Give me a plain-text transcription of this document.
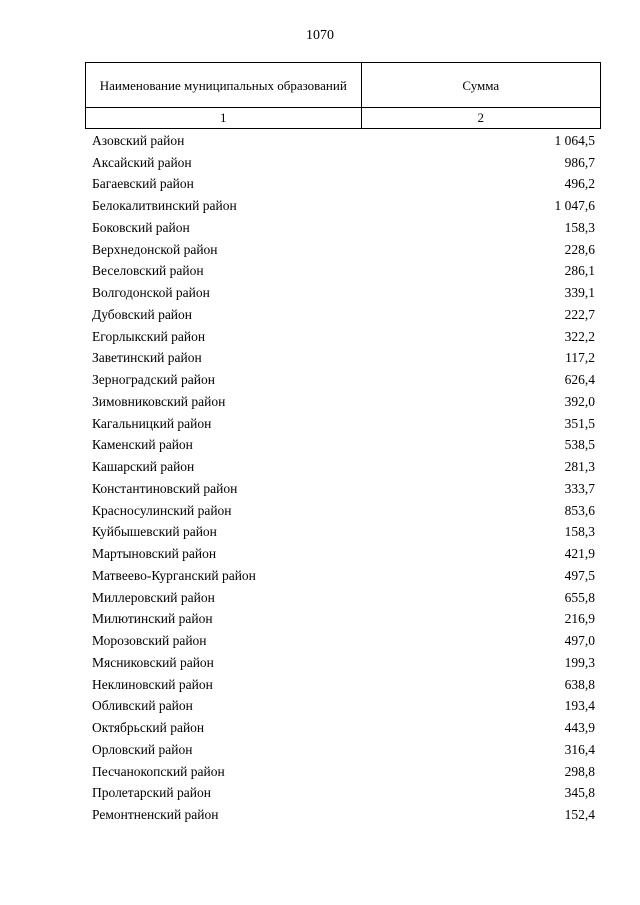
1070
Наименование муниципальных образований	Сумма
1	2
Азовский район	1 064,5
Аксайский район	986,7
Багаевский район	496,2
Белокалитвинский район	1 047,6
Боковский район	158,3
Верхнедонской район	228,6
Веселовский район	286,1
Волгодонской район	339,1
Дубовский район	222,7
Егорлыкский район	322,2
Заветинский район	117,2
Зерноградский район	626,4
Зимовниковский район	392,0
Кагальницкий район	351,5
Каменский район	538,5
Кашарский район	281,3
Константиновский район	333,7
Красносулинский район	853,6
Куйбышевский район	158,3
Мартыновский район	421,9
Матвеево-Курганский район	497,5
Миллеровский район	655,8
Милютинский район	216,9
Морозовский район	497,0
Мясниковский район	199,3
Неклиновский район	638,8
Обливский район	193,4
Октябрьский район	443,9
Орловский район	316,4
Песчанокопский район	298,8
Пролетарский район	345,8
Ремонтненский район	152,4
